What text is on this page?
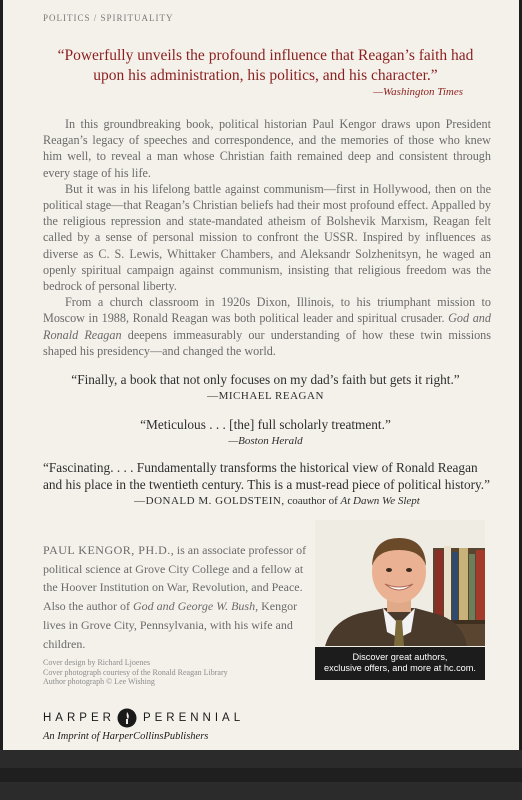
POLITICS / SPIRITUALITY
“Powerfully unveils the profound influence that Reagan’s faith had upon his administration, his politics, and his character.”
—Washington Times

In this groundbreaking book, political historian Paul Kengor draws upon President Reagan’s legacy of speeches and correspondence, and the memories of those who knew him well, to reveal a man whose Christian faith remained deep and consistent through every stage of his life.

But it was in his lifelong battle against communism—first in Hollywood, then on the political stage—that Reagan’s Christian beliefs had their most profound effect. Appalled by the religious repression and state-mandated atheism of Bolshevik Marxism, Reagan felt called by a sense of personal mission to confront the USSR. Inspired by influences as diverse as C. S. Lewis, Whittaker Chambers, and Aleksandr Solzhenitsyn, he waged an openly spiritual campaign against communism, insisting that religious freedom was the bedrock of personal liberty.

From a church classroom in 1920s Dixon, Illinois, to his triumphant mission to Moscow in 1988, Ronald Reagan was both political leader and spiritual crusader. God and Ronald Reagan deepens immeasurably our understanding of how these twin missions shaped his presidency—and changed the world.

“Finally, a book that not only focuses on my dad’s faith but gets it right.”
—MICHAEL REAGAN
“Meticulous . . . [the] full scholarly treatment.”
—Boston Herald
“Fascinating. . . . Fundamentally transforms the historical view of Ronald Reagan and his place in the twentieth century. This is a must-read piece of political history.”
—DONALD M. GOLDSTEIN, coauthor of At Dawn We Slept
PAUL KENGOR, PH.D., is an associate professor of political science at Grove City College and a fellow at the Hoover Institution on War, Revolution, and Peace. Also the author of God and George W. Bush, Kengor lives in Grove City, Pennsylvania, with his wife and children.
Discover great authors,
exclusive offers, and more at hc.com.
Cover design by Richard Ljoenes
Cover photograph courtesy of the Ronald Reagan Library
Author photograph © Lee Wishing
HARPER PERENNIAL
An Imprint of HarperCollinsPublishers
